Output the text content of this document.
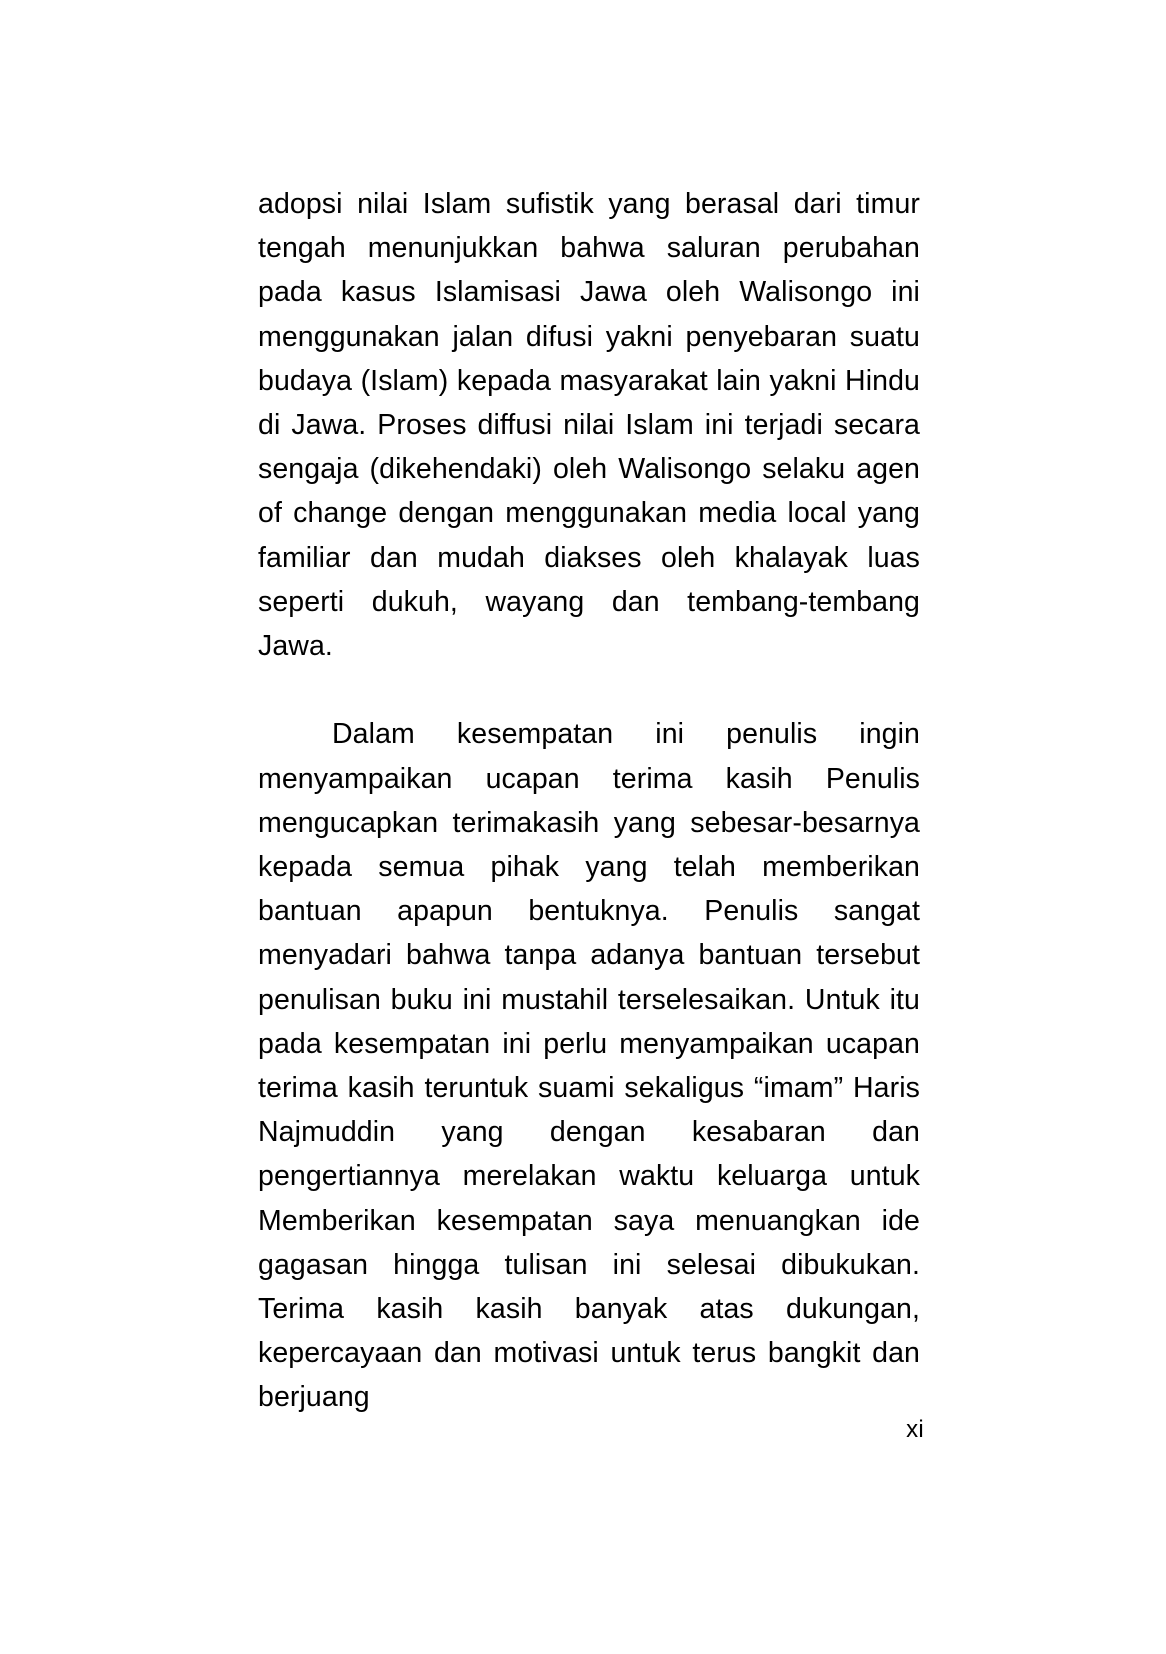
adopsi nilai Islam sufistik yang berasal dari timur tengah menunjukkan bahwa saluran perubahan pada kasus Islamisasi Jawa oleh Walisongo ini menggunakan jalan difusi yakni penyebaran suatu budaya (Islam) kepada masyarakat lain yakni Hindu di Jawa. Proses diffusi nilai Islam ini terjadi secara sengaja (dikehendaki) oleh Walisongo selaku agen of change dengan menggunakan media local yang familiar dan mudah diakses oleh khalayak luas seperti dukuh, wayang dan tembang-tembang Jawa.

Dalam kesempatan ini penulis ingin menyampaikan ucapan terima kasih Penulis mengucapkan terimakasih yang sebesar-besarnya kepada semua pihak yang telah memberikan bantuan apapun bentuknya. Penulis sangat menyadari bahwa tanpa adanya bantuan tersebut penulisan buku ini mustahil terselesaikan. Untuk itu pada kesempatan ini perlu menyampaikan ucapan terima kasih teruntuk suami sekaligus “imam” Haris Najmuddin yang dengan kesabaran dan pengertiannya merelakan waktu keluarga untuk Memberikan kesempatan saya menuangkan ide gagasan hingga tulisan ini selesai dibukukan. Terima kasih kasih banyak atas dukungan, kepercayaan dan motivasi untuk terus bangkit dan berjuang

xi
